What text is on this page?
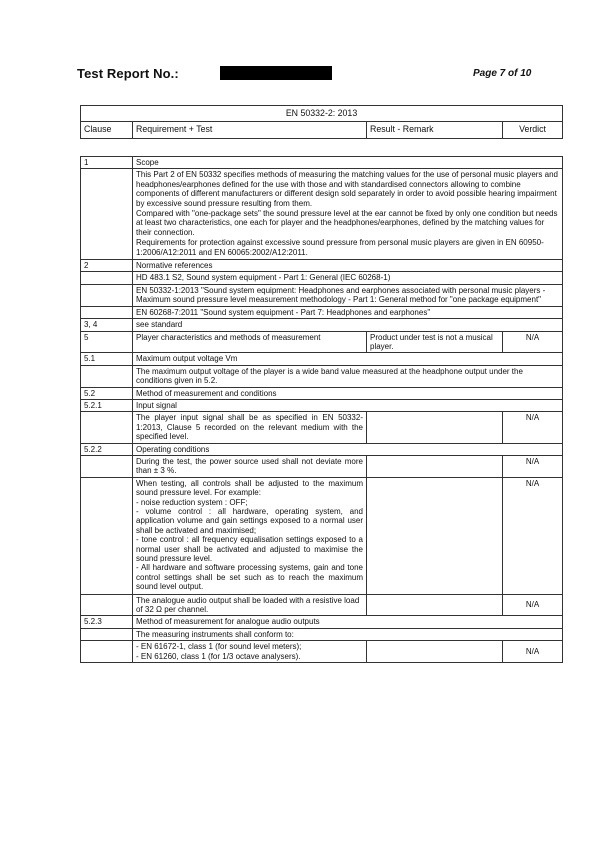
Test Report No.:	Page 7 of 10
EN 50332-2: 2013
Clause	Requirement + Test	Result - Remark	Verdict
1	Scope		

	This Part 2 of EN 50332 specifies methods of measuring the matching values for the use of personal music players and headphones/earphones defined for the use with those and with standardised connectors allowing to combine components of different manufacturers or different design sold separately in order to avoid possible hearing impairment by excessive sound pressure resulting from them.
Compared with "one-package sets" the sound pressure level at the ear cannot be fixed by only one condition but needs at least two characteristics, one each for player and the headphones/earphones, defined by the matching values for their connection.
Requirements for protection against excessive sound pressure from personal music players are given in EN 60950-1:2006/A12:2011 and EN 60065:2002/A12:2011.		

2	Normative references		
	HD 483.1 S2, Sound system equipment - Part 1: General (IEC 60268-1)		
	EN 50332-1:2013 "Sound system equipment: Headphones and earphones associated with personal music players - Maximum sound pressure level measurement methodology - Part 1: General method for "one package equipment"		
	EN 60268-7:2011 "Sound system equipment - Part 7: Headphones and earphones"		
3, 4	see standard		
5	Player characteristics and methods of measurement	Product under test is not a musical player.	N/A
5.1	Maximum output voltage Vm		
	The maximum output voltage of the player is a wide band value measured at the headphone output under the conditions given in 5.2.		
5.2	Method of measurement and conditions		
5.2.1	Input signal		
	The player input signal shall be as specified in EN 50332-1:2013, Clause 5 recorded on the relevant medium with the specified level.		N/A
5.2.2	Operating conditions		
	During the test, the power source used shall not deviate more than ± 3 %.		N/A

	When testing, all controls shall be adjusted to the maximum sound pressure level. For example:
- noise reduction system : OFF;
- volume control : all hardware, operating system, and application volume and gain settings exposed to a normal user shall be activated and maximised;
- tone control : all frequency equalisation settings exposed to a normal user shall be activated and adjusted to maximise the sound pressure level.
- All hardware and software processing systems, gain and tone control settings shall be set such as to reach the maximum sound level output.		N/A
	The analogue audio output shall be loaded with a resistive load of 32 Ω per channel.		N/A
5.2.3	Method of measurement for analogue audio outputs		
	The measuring instruments shall conform to:		

	- EN 61672-1, class 1 (for sound level meters);
- EN 61260, class 1 (for 1/3 octave analysers).		N/A
